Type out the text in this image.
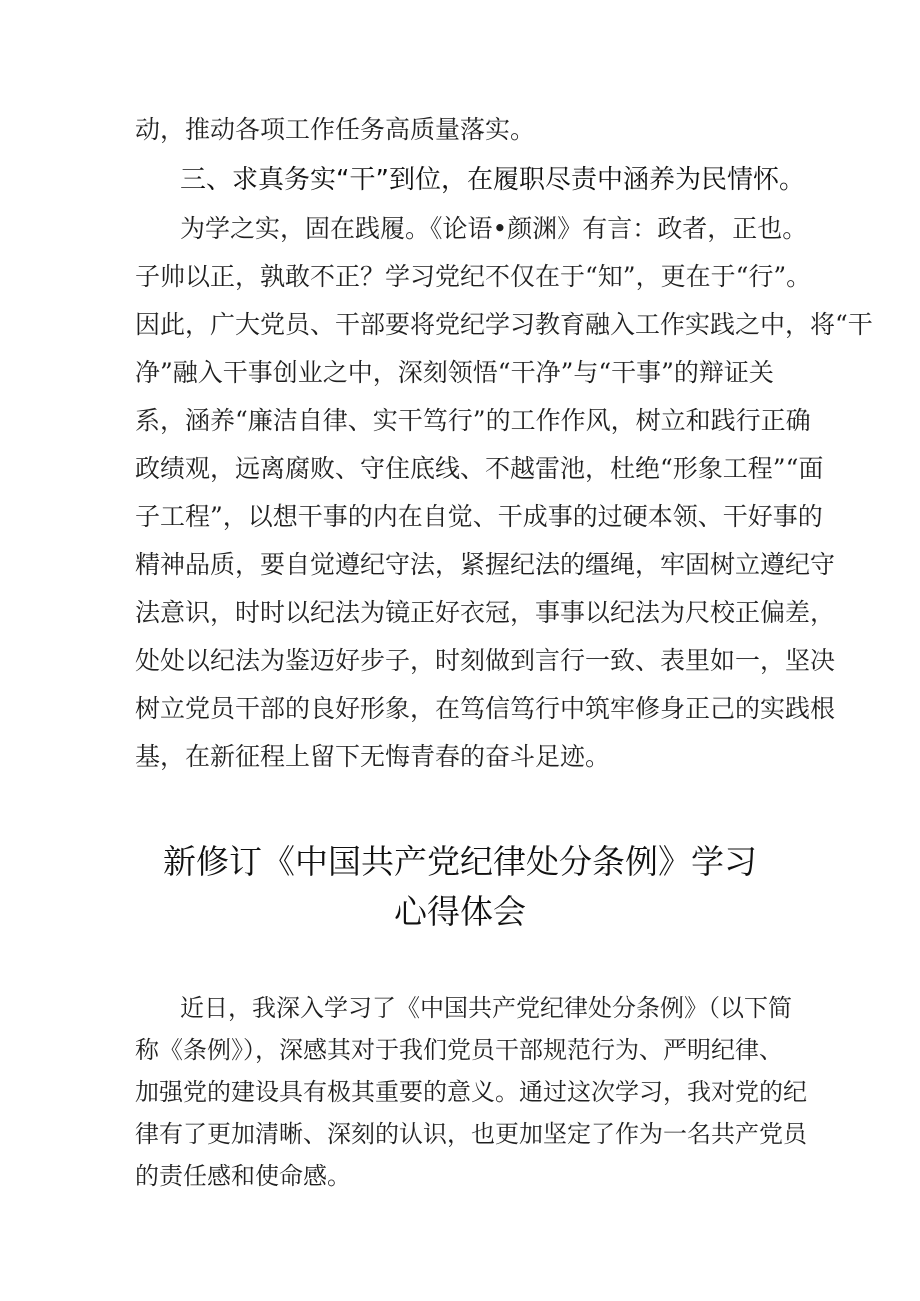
动，推动各项工作任务高质量落实。
三、求真务实“干”到位，在履职尽责中涵养为民情怀。
为学之实，固在践履。《论语•颜渊》有言：政者，正也。
子帅以正，孰敢不正？学习党纪不仅在于“知”，更在于“行”。
因此，广大党员、干部要将党纪学习教育融入工作实践之中，将“干
净”融入干事创业之中，深刻领悟“干净”与“干事”的辩证关
系，涵养“廉洁自律、实干笃行”的工作作风，树立和践行正确
政绩观，远离腐败、守住底线、不越雷池，杜绝“形象工程”“面
子工程”，以想干事的内在自觉、干成事的过硬本领、干好事的
精神品质，要自觉遵纪守法，紧握纪法的缰绳，牢固树立遵纪守
法意识，时时以纪法为镜正好衣冠，事事以纪法为尺校正偏差，
处处以纪法为鉴迈好步子，时刻做到言行一致、表里如一，坚决
树立党员干部的良好形象，在笃信笃行中筑牢修身正己的实践根
基，在新征程上留下无悔青春的奋斗足迹。
新修订《中国共产党纪律处分条例》学习
心得体会
近日，我深入学习了《中国共产党纪律处分条例》（以下简
称《条例》），深感其对于我们党员干部规范行为、严明纪律、
加强党的建设具有极其重要的意义。通过这次学习，我对党的纪
律有了更加清晰、深刻的认识，也更加坚定了作为一名共产党员
的责任感和使命感。
